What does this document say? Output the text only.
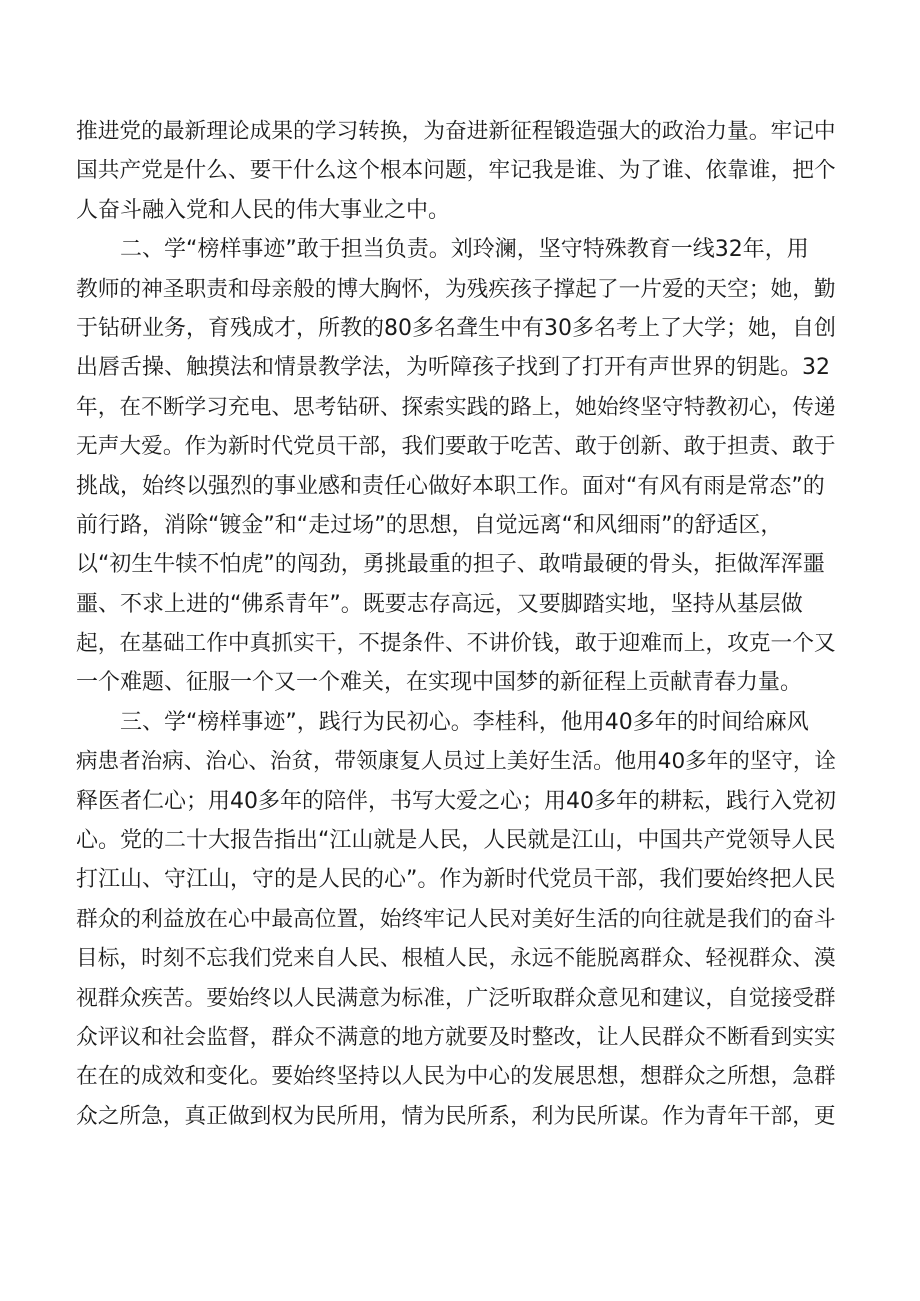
推进党的最新理论成果的学习转换，为奋进新征程锻造强大的政治力量。牢记中
国共产党是什么、要干什么这个根本问题，牢记我是谁、为了谁、依靠谁，把个
人奋斗融入党和人民的伟大事业之中。
二、学“榜样事迹”敢于担当负责。刘玲澜，坚守特殊教育一线32年，用
教师的神圣职责和母亲般的博大胸怀，为残疾孩子撑起了一片爱的天空；她，勤
于钻研业务，育残成才，所教的80多名聋生中有30多名考上了大学；她，自创
出唇舌操、触摸法和情景教学法，为听障孩子找到了打开有声世界的钥匙。32
年，在不断学习充电、思考钻研、探索实践的路上，她始终坚守特教初心，传递
无声大爱。作为新时代党员干部，我们要敢于吃苦、敢于创新、敢于担责、敢于
挑战，始终以强烈的事业感和责任心做好本职工作。面对“有风有雨是常态”的
前行路，消除“镀金”和“走过场”的思想，自觉远离“和风细雨”的舒适区，
以“初生牛犊不怕虎”的闯劲，勇挑最重的担子、敢啃最硬的骨头，拒做浑浑噩
噩、不求上进的“佛系青年”。既要志存高远，又要脚踏实地，坚持从基层做
起，在基础工作中真抓实干，不提条件、不讲价钱，敢于迎难而上，攻克一个又
一个难题、征服一个又一个难关，在实现中国梦的新征程上贡献青春力量。
三、学“榜样事迹”，践行为民初心。李桂科，他用40多年的时间给麻风
病患者治病、治心、治贫，带领康复人员过上美好生活。他用40多年的坚守，诠
释医者仁心；用40多年的陪伴，书写大爱之心；用40多年的耕耘，践行入党初
心。党的二十大报告指出“江山就是人民，人民就是江山，中国共产党领导人民
打江山、守江山，守的是人民的心”。作为新时代党员干部，我们要始终把人民
群众的利益放在心中最高位置，始终牢记人民对美好生活的向往就是我们的奋斗
目标，时刻不忘我们党来自人民、根植人民，永远不能脱离群众、轻视群众、漠
视群众疾苦。要始终以人民满意为标准，广泛听取群众意见和建议，自觉接受群
众评议和社会监督，群众不满意的地方就要及时整改，让人民群众不断看到实实
在在的成效和变化。要始终坚持以人民为中心的发展思想，想群众之所想，急群
众之所急，真正做到权为民所用，情为民所系，利为民所谋。作为青年干部，更
